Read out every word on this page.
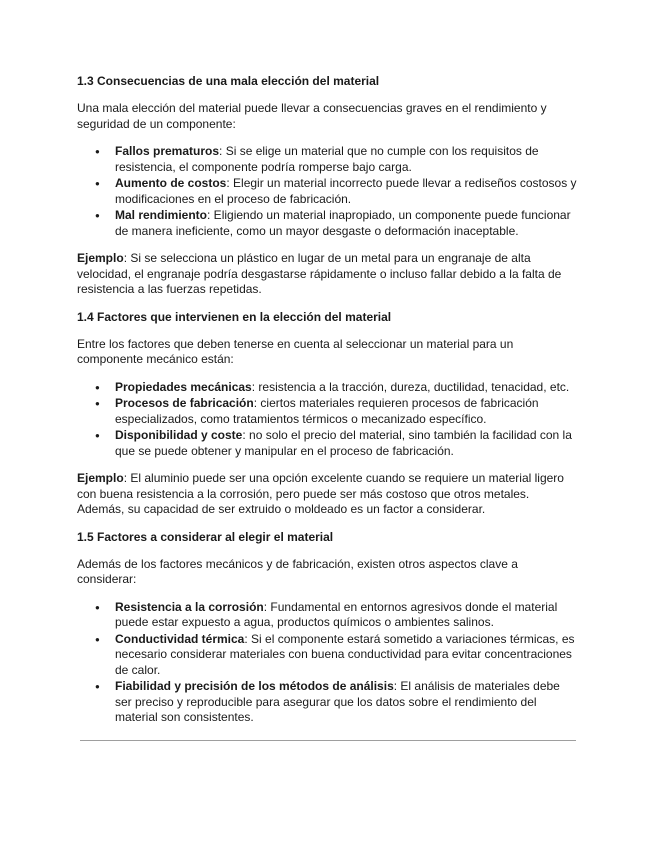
1.3 Consecuencias de una mala elección del material

Una mala elección del material puede llevar a consecuencias graves en el rendimiento y seguridad de un componente:

● Fallos prematuros: Si se elige un material que no cumple con los requisitos de resistencia, el componente podría romperse bajo carga.
● Aumento de costos: Elegir un material incorrecto puede llevar a rediseños costosos y modificaciones en el proceso de fabricación.
● Mal rendimiento: Eligiendo un material inapropiado, un componente puede funcionar de manera ineficiente, como un mayor desgaste o deformación inaceptable.

Ejemplo: Si se selecciona un plástico en lugar de un metal para un engranaje de alta velocidad, el engranaje podría desgastarse rápidamente o incluso fallar debido a la falta de resistencia a las fuerzas repetidas.

1.4 Factores que intervienen en la elección del material

Entre los factores que deben tenerse en cuenta al seleccionar un material para un componente mecánico están:

● Propiedades mecánicas: resistencia a la tracción, dureza, ductilidad, tenacidad, etc.
● Procesos de fabricación: ciertos materiales requieren procesos de fabricación especializados, como tratamientos térmicos o mecanizado específico.
● Disponibilidad y coste: no solo el precio del material, sino también la facilidad con la que se puede obtener y manipular en el proceso de fabricación.

Ejemplo: El aluminio puede ser una opción excelente cuando se requiere un material ligero con buena resistencia a la corrosión, pero puede ser más costoso que otros metales. Además, su capacidad de ser extruido o moldeado es un factor a considerar.

1.5 Factores a considerar al elegir el material

Además de los factores mecánicos y de fabricación, existen otros aspectos clave a considerar:

● Resistencia a la corrosión: Fundamental en entornos agresivos donde el material puede estar expuesto a agua, productos químicos o ambientes salinos.
● Conductividad térmica: Si el componente estará sometido a variaciones térmicas, es necesario considerar materiales con buena conductividad para evitar concentraciones de calor.
● Fiabilidad y precisión de los métodos de análisis: El análisis de materiales debe ser preciso y reproducible para asegurar que los datos sobre el rendimiento del material son consistentes.
